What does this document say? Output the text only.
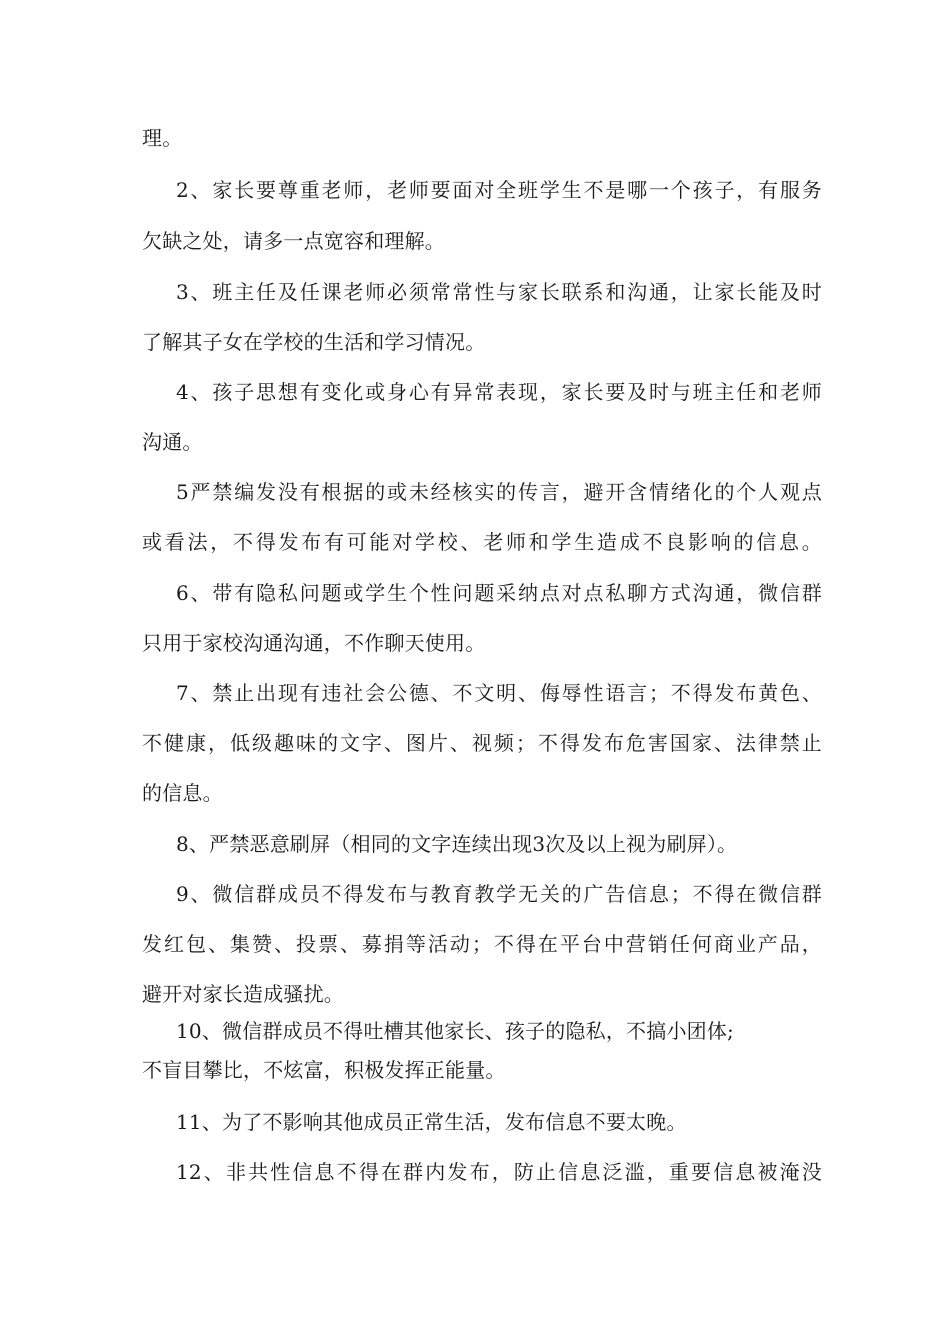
理。
2、家长要尊重老师，老师要面对全班学生不是哪一个孩子，有服务
欠缺之处，请多一点宽容和理解。
3、班主任及任课老师必须常常性与家长联系和沟通，让家长能及时
了解其子女在学校的生活和学习情况。
4、孩子思想有变化或身心有异常表现，家长要及时与班主任和老师
沟通。
5严禁编发没有根据的或未经核实的传言，避开含情绪化的个人观点
或看法，不得发布有可能对学校、老师和学生造成不良影响的信息。
6、带有隐私问题或学生个性问题采纳点对点私聊方式沟通，微信群
只用于家校沟通沟通，不作聊天使用。
7、禁止出现有违社会公德、不文明、侮辱性语言；不得发布黄色、
不健康，低级趣味的文字、图片、视频；不得发布危害国家、法律禁止
的信息。
8、严禁恶意刷屏（相同的文字连续出现3次及以上视为刷屏）。
9、微信群成员不得发布与教育教学无关的广告信息；不得在微信群
发红包、集赞、投票、募捐等活动；不得在平台中营销任何商业产品，
避开对家长造成骚扰。
10、微信群成员不得吐槽其他家长、孩子的隐私，不搞小团体;
不盲目攀比，不炫富，积极发挥正能量。
11、为了不影响其他成员正常生活，发布信息不要太晚。
12、非共性信息不得在群内发布，防止信息泛滥，重要信息被淹没
